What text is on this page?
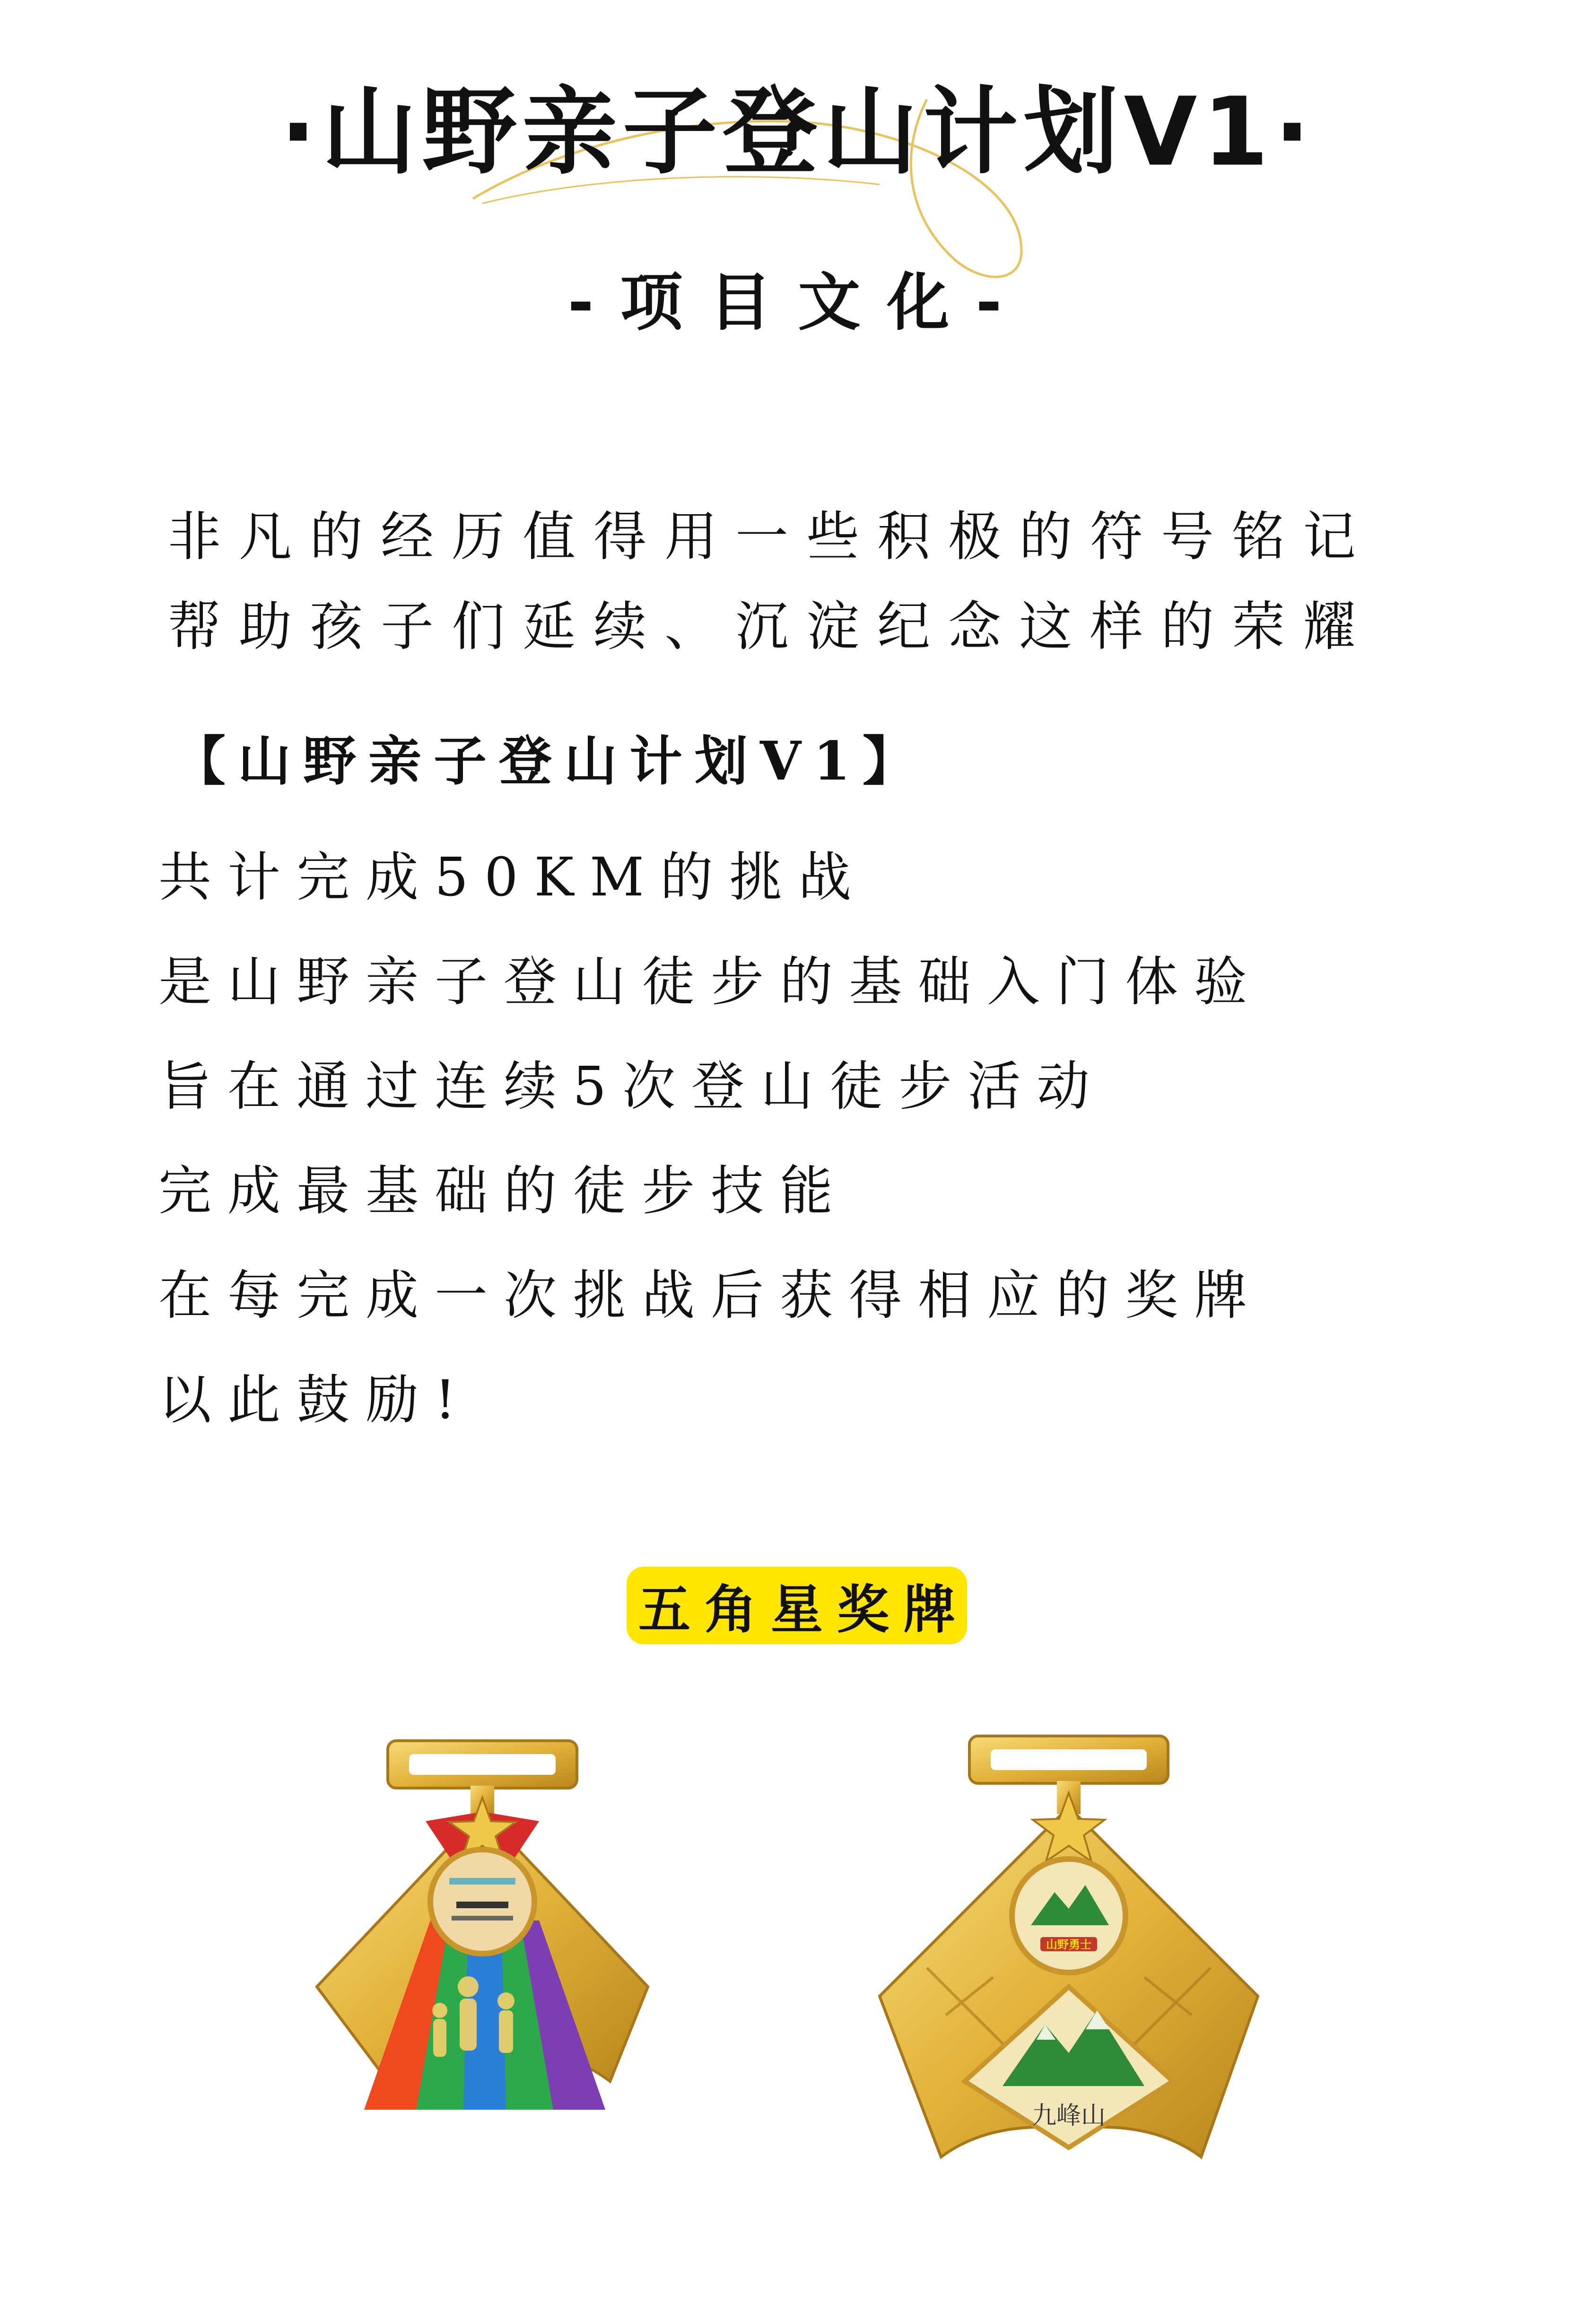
·山野亲子登山计划V1·
-项目文化-
非凡的经历值得用一些积极的符号铭记
帮助孩子们延续、沉淀纪念这样的荣耀
【山野亲子登山计划V1】
共计完成50KM的挑战
是山野亲子登山徒步的基础入门体验
旨在通过连续5次登山徒步活动
完成最基础的徒步技能
在每完成一次挑战后获得相应的奖牌
以此鼓励!
五角星奖牌
山野勇士
九峰山
